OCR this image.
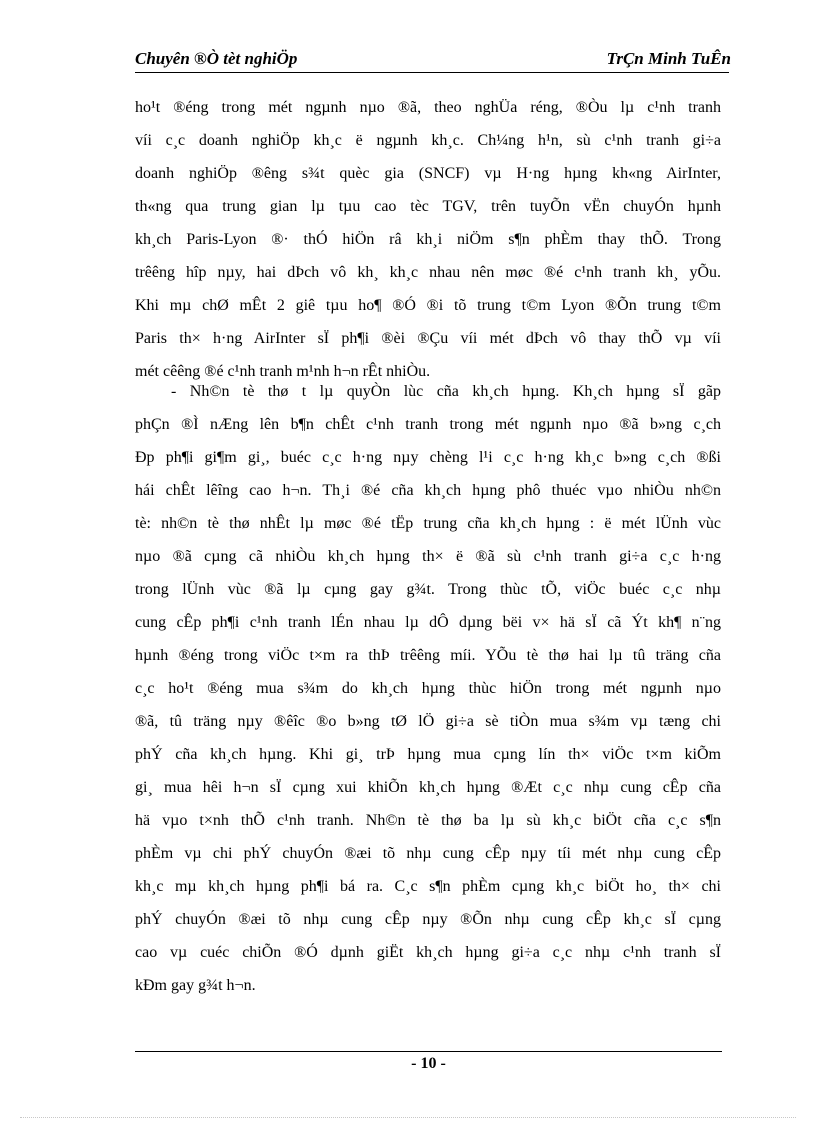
Chuyên ®Ò tèt nghiÖp	TrÇn Minh TuÊn
ho¹t ®éng trong mét ngµnh nµo ®ã, theo nghÜa réng, ®Òu lµ c¹nh tranh
víi c¸c doanh nghiÖp kh¸c ë ngµnh kh¸c. Ch¼ng h¹n, sù c¹nh tranh gi÷a
doanh nghiÖp ®êng s¾t quèc gia (SNCF) vµ H·ng hµng kh«ng AirInter,
th«ng qua trung gian lµ tµu cao tèc TGV, trên tuyÕn vËn chuyÓn hµnh
kh¸ch Paris-Lyon ®· thÓ hiÖn râ kh¸i niÖm s¶n phÈm thay thÕ. Trong
trêêng hîp nµy, hai dÞch vô kh¸ kh¸c nhau nên møc ®é c¹nh tranh kh¸ yÕu.
Khi mµ chØ mÊt 2 giê tµu ho¶ ®Ó ®i tõ trung t©m Lyon ®Õn trung t©m
Paris th× h·ng AirInter sÏ ph¶i ®èi ®Çu víi mét dÞch vô thay thÕ vµ víi
mét cêêng ®é c¹nh tranh m¹nh h¬n rÊt nhiÒu.
- Nh©n tè thø t lµ quyÒn lùc cña kh¸ch hµng. Kh¸ch hµng sÏ gãp
phÇn ®Ì nÆng lên b¶n chÊt c¹nh tranh trong mét ngµnh nµo ®ã b»ng c¸ch
Ðp ph¶i gi¶m gi¸, buéc c¸c h·ng nµy chèng l¹i c¸c h·ng kh¸c b»ng c¸ch ®ßi
hái chÊt lêîng cao h¬n. Th¸i ®é cña kh¸ch hµng phô thuéc vµo nhiÒu nh©n
tè: nh©n tè thø nhÊt lµ møc ®é tËp trung cña kh¸ch hµng : ë mét lÜnh vùc
nµo ®ã cµng cã nhiÒu kh¸ch hµng th× ë ®ã sù c¹nh tranh gi÷a c¸c h·ng
trong lÜnh vùc ®ã lµ cµng gay g¾t. Trong thùc tÕ, viÖc buéc c¸c nhµ
cung cÊp ph¶i c¹nh tranh lÉn nhau lµ dÔ dµng bëi v× hä sÏ cã Ýt kh¶ n¨ng
hµnh ®éng trong viÖc t×m ra thÞ trêêng míi. YÕu tè thø hai lµ tû träng cña
c¸c ho¹t ®éng mua s¾m do kh¸ch hµng thùc hiÖn trong mét ngµnh nµo
®ã, tû träng nµy ®êîc ®o b»ng tØ lÖ gi÷a sè tiÒn mua s¾m vµ tæng chi
phÝ cña kh¸ch hµng. Khi gi¸ trÞ hµng mua cµng lín th× viÖc t×m kiÕm
gi¸ mua hêi h¬n sÏ cµng xui khiÕn kh¸ch hµng ®Æt c¸c nhµ cung cÊp cña
hä vµo t×nh thÕ c¹nh tranh. Nh©n tè thø ba lµ sù kh¸c biÖt cña c¸c s¶n
phÈm vµ chi phÝ chuyÓn ®æi tõ nhµ cung cÊp nµy tíi mét nhµ cung cÊp
kh¸c mµ kh¸ch hµng ph¶i bá ra. C¸c s¶n phÈm cµng kh¸c biÖt ho¸ th× chi
phÝ chuyÓn ®æi tõ nhµ cung cÊp nµy ®Õn nhµ cung cÊp kh¸c sÏ cµng
cao vµ cuéc chiÕn ®Ó dµnh giËt kh¸ch hµng gi÷a c¸c nhµ c¹nh tranh sÏ
kÐm gay g¾t h¬n.
- 10 -
